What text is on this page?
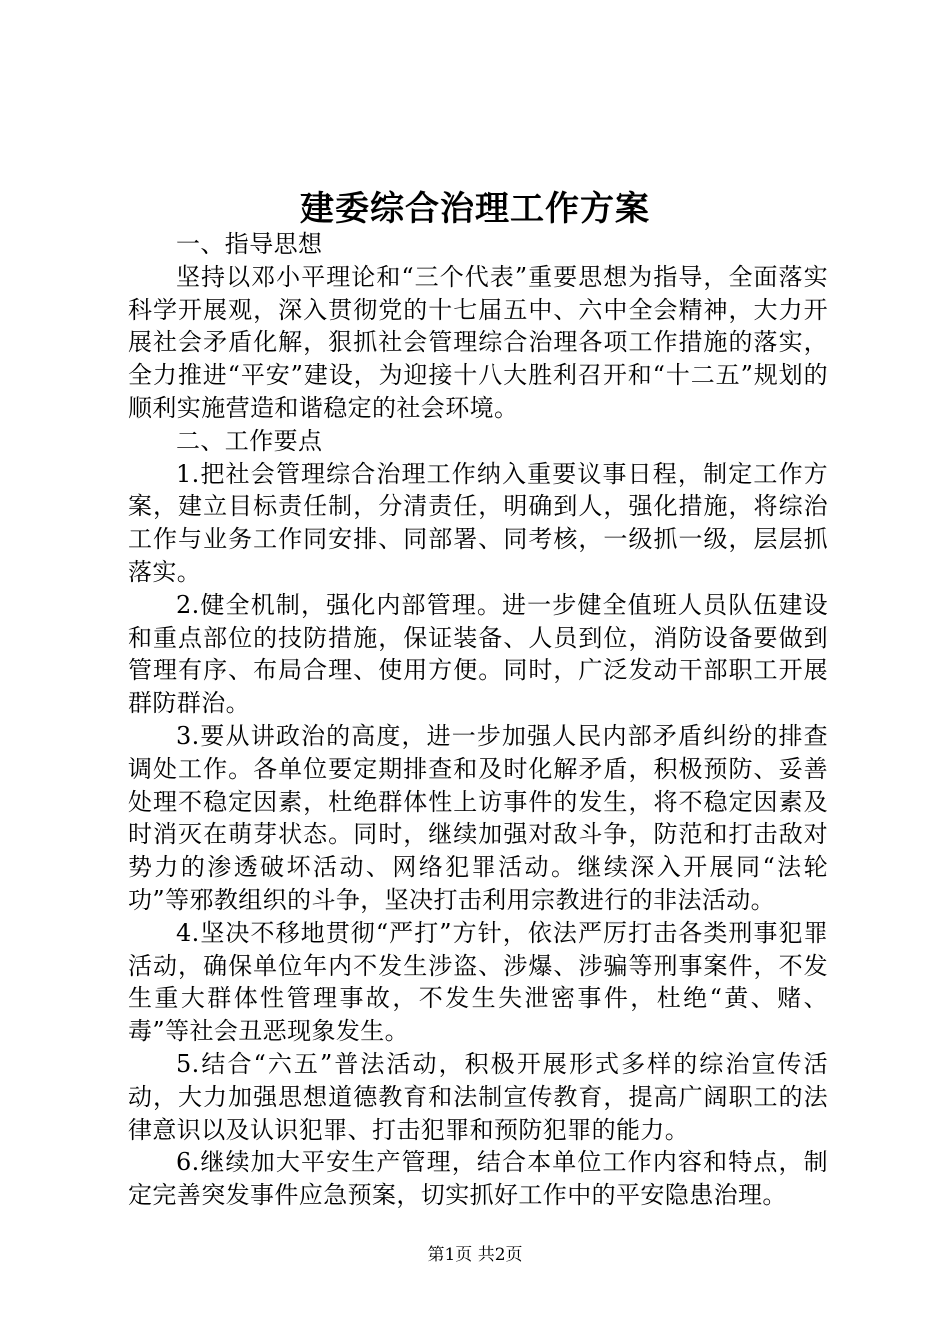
建委综合治理工作方案

一、指导思想

坚持以邓小平理论和“三个代表”重要思想为指导，全面落实科学开展观，深入贯彻党的十七届五中、六中全会精神，大力开展社会矛盾化解，狠抓社会管理综合治理各项工作措施的落实，全力推进“平安”建设，为迎接十八大胜利召开和“十二五”规划的顺利实施营造和谐稳定的社会环境。

二、工作要点

1.把社会管理综合治理工作纳入重要议事日程，制定工作方案，建立目标责任制，分清责任，明确到人，强化措施，将综治工作与业务工作同安排、同部署、同考核，一级抓一级，层层抓落实。

2.健全机制，强化内部管理。进一步健全值班人员队伍建设和重点部位的技防措施，保证装备、人员到位，消防设备要做到管理有序、布局合理、使用方便。同时，广泛发动干部职工开展群防群治。

3.要从讲政治的高度，进一步加强人民内部矛盾纠纷的排查调处工作。各单位要定期排查和及时化解矛盾，积极预防、妥善处理不稳定因素，杜绝群体性上访事件的发生，将不稳定因素及时消灭在萌芽状态。同时，继续加强对敌斗争，防范和打击敌对势力的渗透破坏活动、网络犯罪活动。继续深入开展同“法轮功”等邪教组织的斗争，坚决打击利用宗教进行的非法活动。

4.坚决不移地贯彻“严打”方针，依法严厉打击各类刑事犯罪活动，确保单位年内不发生涉盗、涉爆、涉骗等刑事案件，不发生重大群体性管理事故，不发生失泄密事件，杜绝“黄、赌、毒”等社会丑恶现象发生。

5.结合“六五”普法活动，积极开展形式多样的综治宣传活动，大力加强思想道德教育和法制宣传教育，提高广阔职工的法律意识以及认识犯罪、打击犯罪和预防犯罪的能力。

6.继续加大平安生产管理，结合本单位工作内容和特点，制定完善突发事件应急预案，切实抓好工作中的平安隐患治理。

第1页 共2页
